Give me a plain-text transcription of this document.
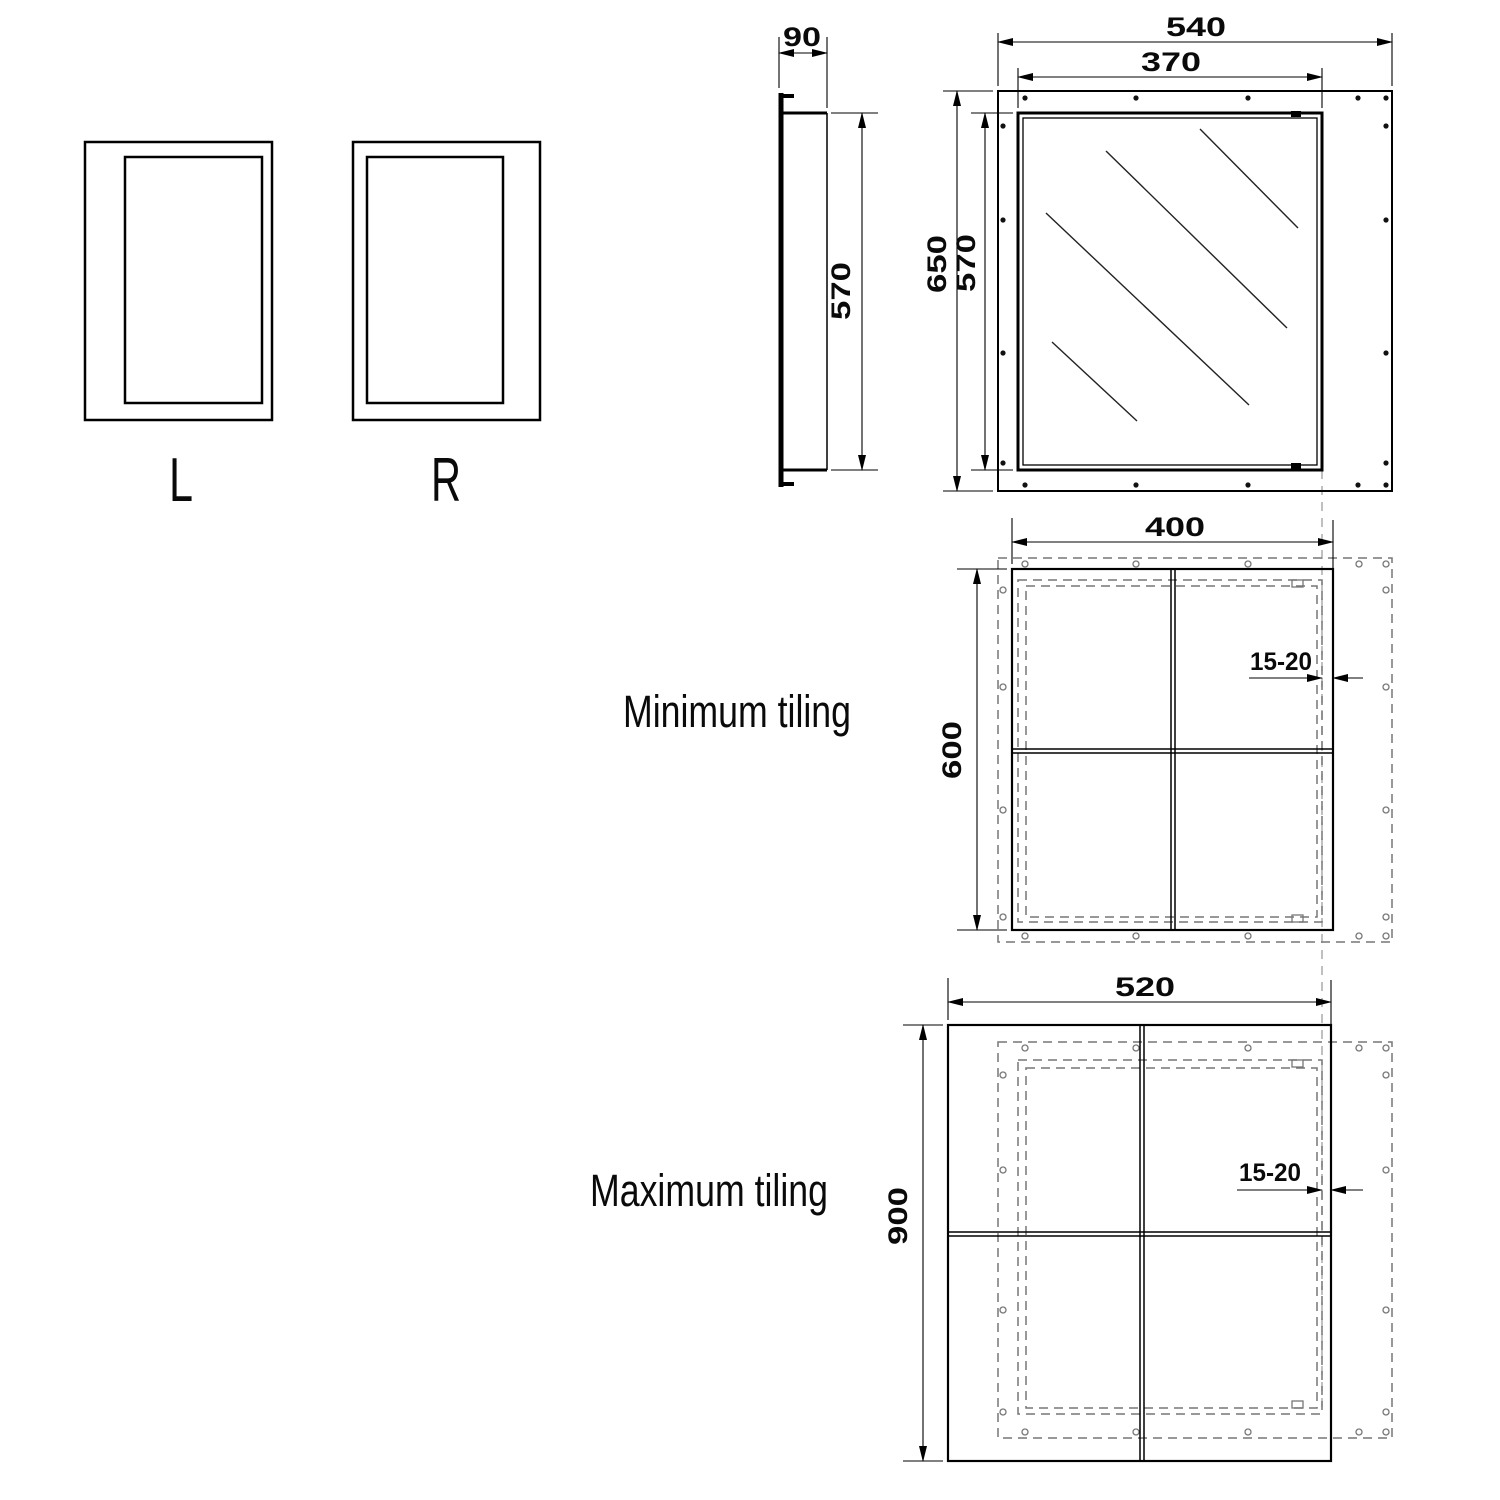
L	R
90
570
540
370
650 570
400
600
15-20
Minimum tiling
520
900
15-20
Maximum tiling
